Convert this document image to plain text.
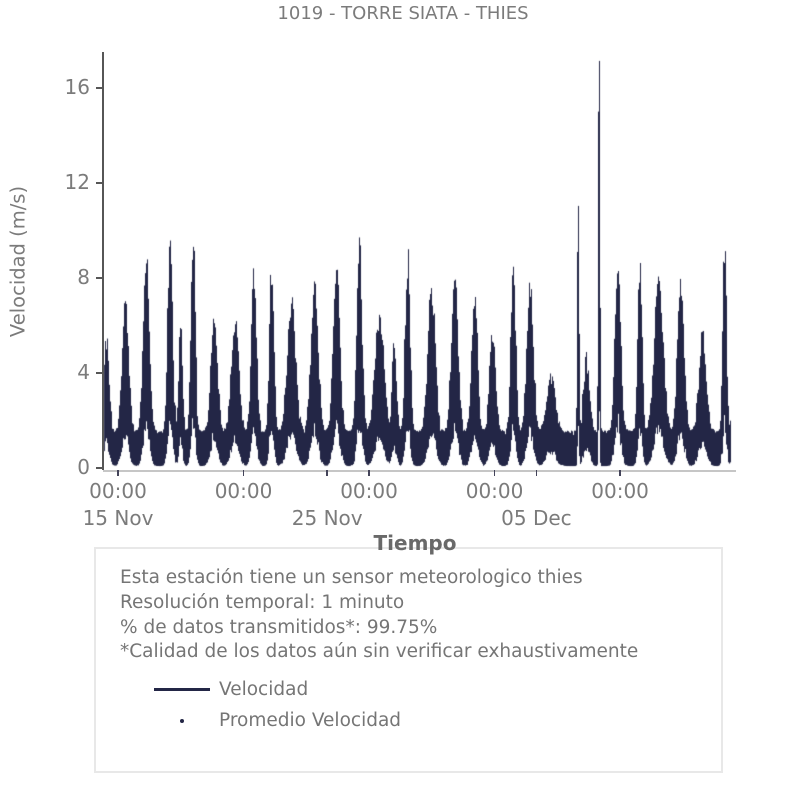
1019 - TORRE SIATA - THIES
Velocidad (m/s)
0
4
8
12
16
00:00	00:00	00:00	00:00	00:00
15 Nov	25 Nov	05 Dec
Tiempo
Esta estación tiene un sensor meteorologico thies
Resolución temporal: 1 minuto
% de datos transmitidos*: 99.75%
*Calidad de los datos aún sin verificar exhaustivamente
Velocidad
Promedio Velocidad
